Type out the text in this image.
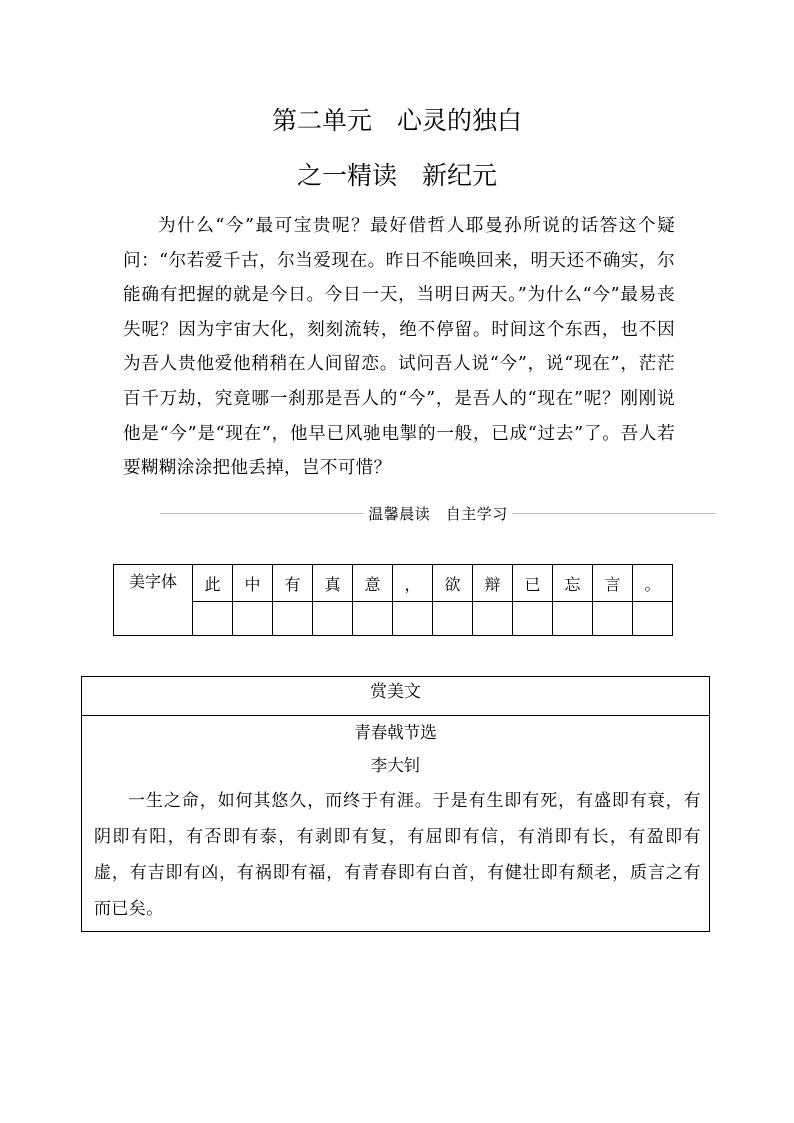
第二单元　心灵的独白
之一精读　新纪元

为什么“今”最可宝贵呢？最好借哲人耶曼孙所说的话答这个疑问：“尔若爱千古，尔当爱现在。昨日不能唤回来，明天还不确实，尔能确有把握的就是今日。今日一天，当明日两天。”为什么“今”最易丧失呢？因为宇宙大化，刻刻流转，绝不停留。时间这个东西，也不因为吾人贵他爱他稍稍在人间留恋。试问吾人说“今”，说“现在”，茫茫百千万劫，究竟哪一刹那是吾人的“今”，是吾人的“现在”呢？刚刚说他是“今”是“现在”，他早已风驰电掣的一般，已成“过去”了。吾人若要糊糊涂涂把他丢掉，岂不可惜？

温馨晨读　自主学习
美字体	此	中	有	真	意	，	欲	辩	已	忘	言	。

赏美文
青春㦸节选
李大钊

一生之命，如何其悠久，而终于有涯。于是有生即有死，有盛即有衰，有阴即有阳，有否即有泰，有剥即有复，有屈即有信，有消即有长，有盈即有虚，有吉即有凶，有祸即有福，有青春即有白首，有健壮即有颓老，质言之有而已矣。
